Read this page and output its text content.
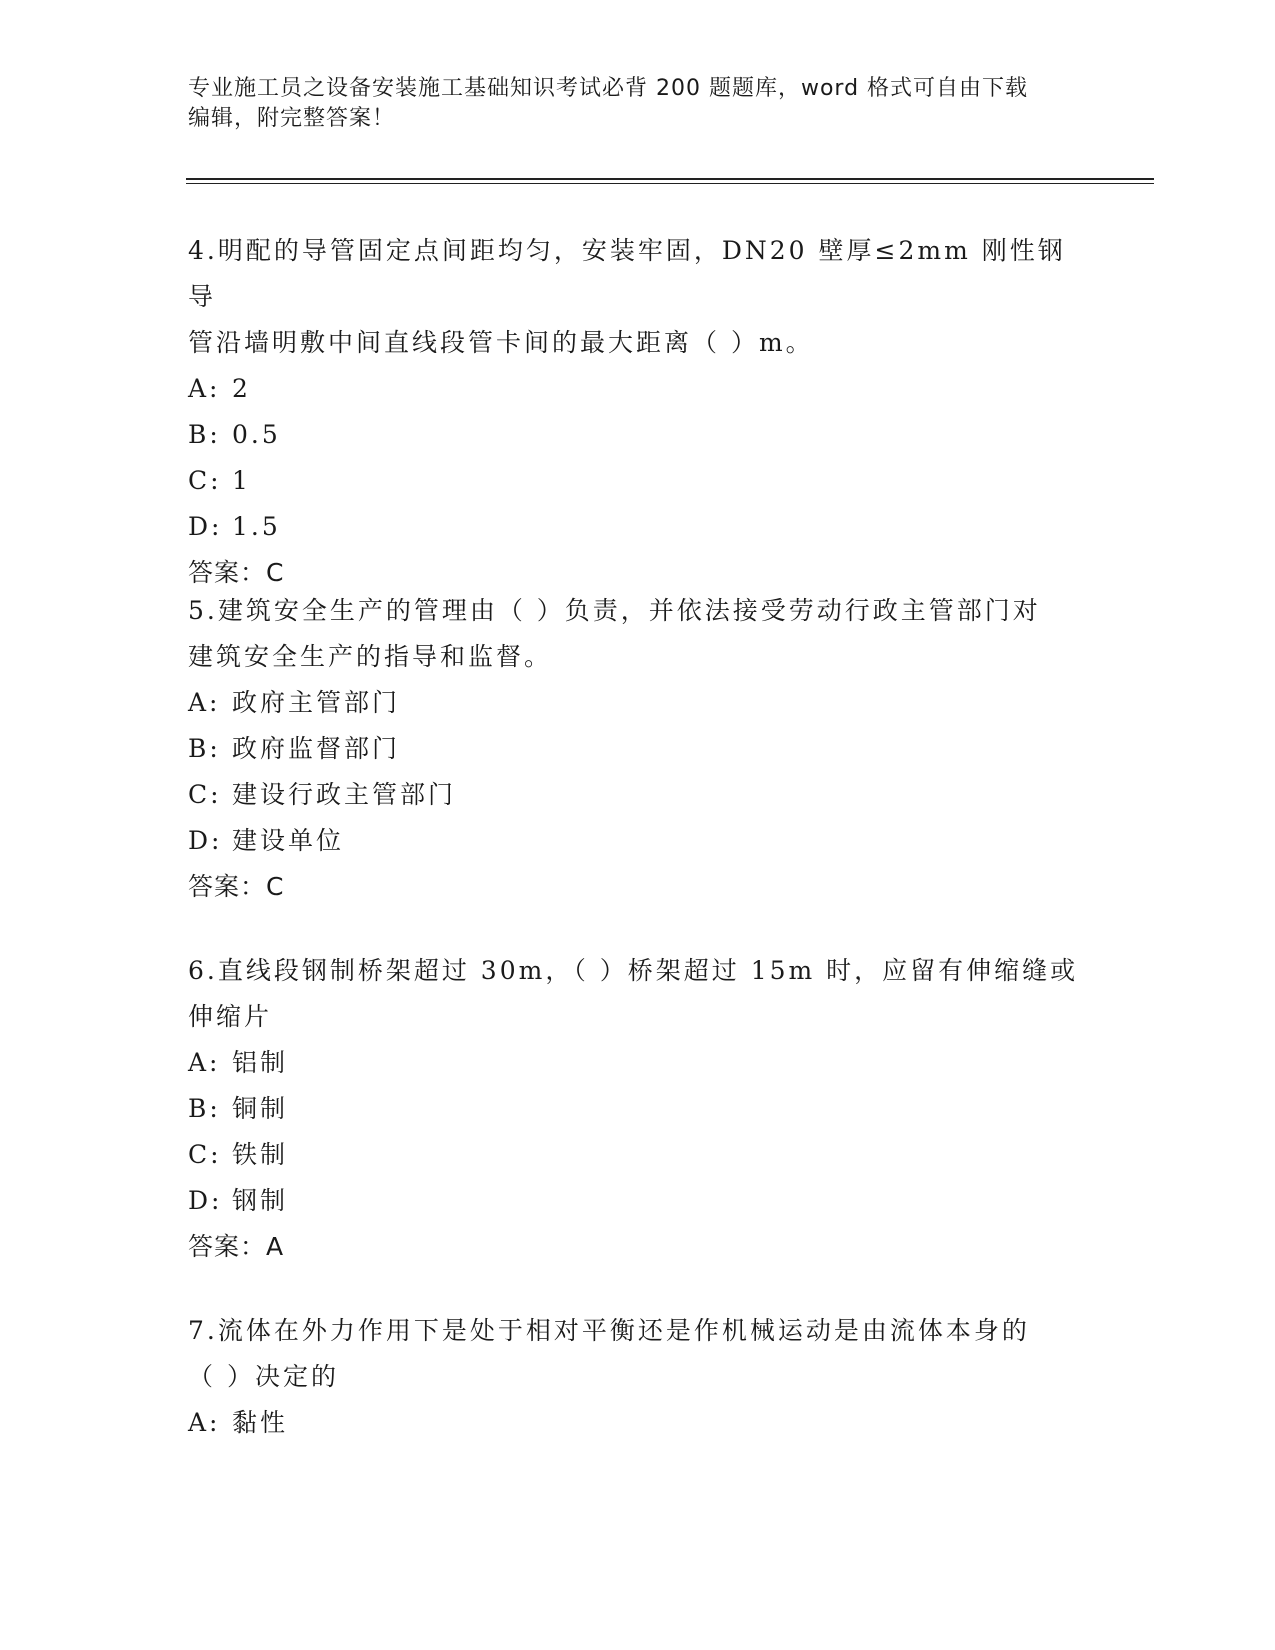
专业施工员之设备安装施工基础知识考试必背 200 题题库，word 格式可自由下载
编辑，附完整答案！

4.明配的导管固定点间距均匀，安装牢固，DN20 壁厚≤2mm 刚性钢导

管沿墙明敷中间直线段管卡间的最大距离（ ）m。

A: 2

B: 0.5

C: 1

D: 1.5

答案：C

5.建筑安全生产的管理由（ ）负责，并依法接受劳动行政主管部门对

建筑安全生产的指导和监督。

A: 政府主管部门

B: 政府监督部门

C: 建设行政主管部门

D: 建设单位

答案：C

6.直线段钢制桥架超过 30m，（ ）桥架超过 15m 时，应留有伸缩缝或

伸缩片

A: 铝制

B: 铜制

C: 铁制

D: 钢制

答案：A

7.流体在外力作用下是处于相对平衡还是作机械运动是由流体本身的

（ ）决定的

A: 黏性
